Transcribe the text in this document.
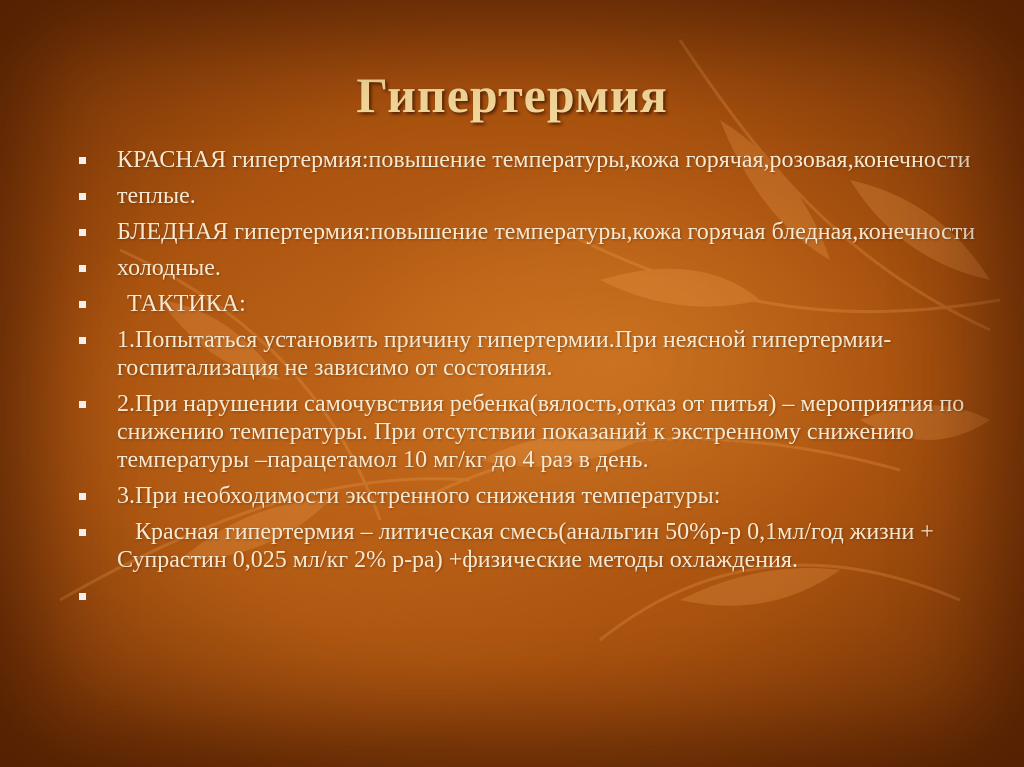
Гипертермия
КРАСНАЯ гипертермия:повышение температуры,кожа горячая,розовая,конечности
теплые.
БЛЕДНАЯ гипертермия:повышение температуры,кожа горячая бледная,конечности
холодные.
ТАКТИКА:
1.Попытаться установить причину гипертермии.При неясной гипертермии-госпитализация не зависимо от состояния.
2.При нарушении самочувствия ребенка(вялость,отказ от питья) – мероприятия по снижению температуры. При отсутствии показаний к экстренному снижению температуры –парацетамол 10 мг/кг до 4 раз в день.
3.При необходимости экстренного снижения температуры:
Красная гипертермия – литическая смесь(анальгин 50%р-р 0,1мл/год жизни + Супрастин 0,025 мл/кг 2% р-ра) +физические методы охлаждения.
